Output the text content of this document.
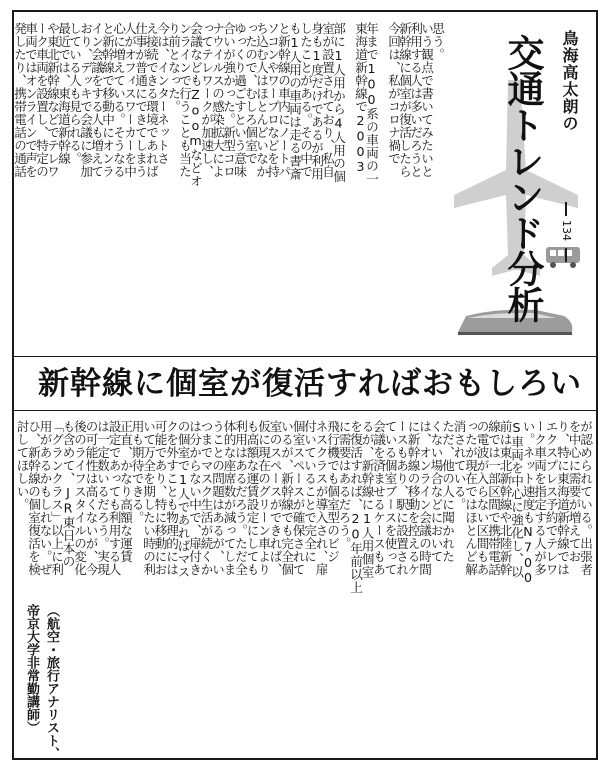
鳥海高太朗の
交通トレンド分析 134
新幹線に個室が復活すればおもしろい
思う。
いう観点で書いてみたいと
利用する人は多いだろうと
新幹線に個室が復活したら
今回は、私がコロナ禍で
年まで100系の車両の一
東海道新幹線で2003
部に1人用から4人用の個
室が設置されており、私自
身も1度だけであるが利用
したことがある。その中で
も1人用の車両は走る書斎
と新幹線の車内にノートパ
ソコンやワープロなどを持
ち込む人はほとんどいなか
ったので、むしろ個室で
ゆっくり過ごすという意味
合いが強かった。新型コロ
ナウイルスの感染拡大によ
ってテレワークが加速し、
会議などもZoomなどオ
ンラインで行うことも当た
り前となった。
今は、インターネットさ
え接続できる環境であれば
仕事が普通にできてしまう
人がオフィスワーカーを中
心に増えている。そうなる
と新幹線で移動中にオンラ
イン会議をする人も増えて
おり、デッキで会議に参加
している人も見られる。
最近では、東海道新幹線
や東北新幹線などでテレワ
ーク車両を設置し、特定の
車両ではオンラインで声を
発したり、携帯電話の通話
が認められている。出張者
を中心に需要が増えてお
り、特に東海道新幹線では
エクスプレス予約でテレワ
ーク車両を指定する人が多
い。ネット速度もN700
S車両を中心に強化し、以
前は東北新幹線や北陸新幹
線では一部区間で携帯電話
の電波が入らない区間もあ
ったが現在ではほとんど解
消されている。
ただ、他の人に聞かれた
くない場合などにおいて
は、オンライン会議の時間
に新幹線の移動を控えるケ
ースもあり、駅に設置され
ている個室ブースを使って
会議を済ませるケースもあ
るが、新幹線に1人用個室
を復活すれば、20年前以上
に需要はあるだろう。
飛行機でも個室型のビジ
ネスクラスが導入され、扉
付いていることで完全に
個室スペースが確保されて
いるが、新幹線でも完全個
室のスペースができれば、
仮に現在のグリーン車より
も高額な運賃設定にしても
利用はあるだろう。ただ全
体的な座席数が減ってしま
うことの問題はあるが、い
つまでマスク生活が続くか
は分からない中で、扉付き
の個室で1人であればマス
クを外すことも物理的には
可能であり、特に移動にお
いて万全を期したい時の利
用も期待できる。
正直、かなり高額な運賃
設定であっても利用する人
は一定数いるだろう。実現
の可能性は高くないが、今
後のライフスタイルの変化
も含めて、JR東日本の
「グランクラス」以上に利
用があるかもしれない。ぜ
ひ、新幹線の個室復活を検
討してほしい。
（航空・旅行アナリスト、
帝京大学非常勤講師）
